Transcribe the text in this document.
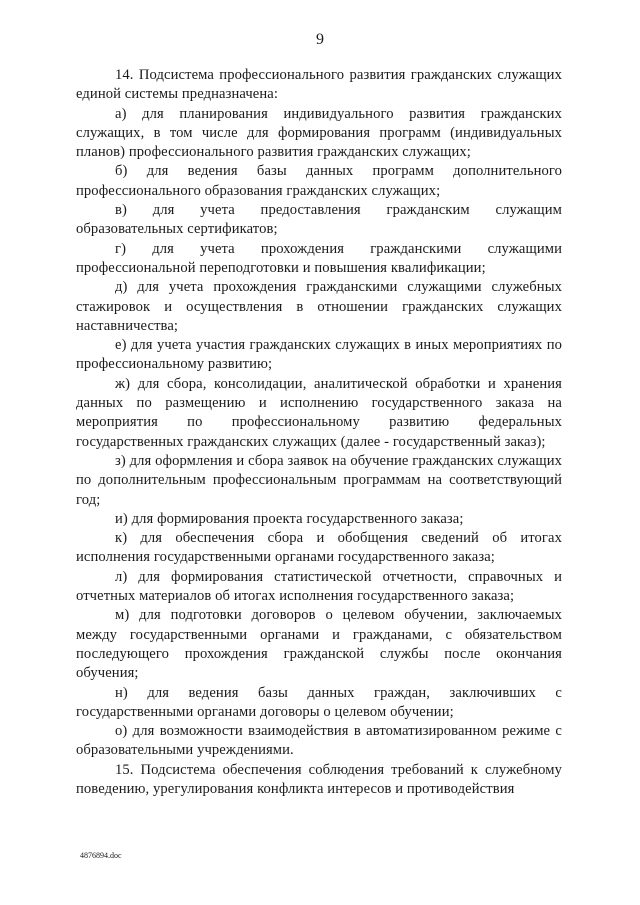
9

14. Подсистема профессионального развития гражданских служащих единой системы предназначена:

а) для планирования индивидуального развития гражданских служащих, в том числе для формирования программ (индивидуальных планов) профессионального развития гражданских служащих;

б) для ведения базы данных программ дополнительного профессионального образования гражданских служащих;

в) для учета предоставления гражданским служащим образовательных сертификатов;

г) для учета прохождения гражданскими служащими профессиональной переподготовки и повышения квалификации;

д) для учета прохождения гражданскими служащими служебных стажировок и осуществления в отношении гражданских служащих наставничества;

е) для учета участия гражданских служащих в иных мероприятиях по профессиональному развитию;

ж) для сбора, консолидации, аналитической обработки и хранения данных по размещению и исполнению государственного заказа на мероприятия по профессиональному развитию федеральных государственных гражданских служащих (далее - государственный заказ);

з) для оформления и сбора заявок на обучение гражданских служащих по дополнительным профессиональным программам на соответствующий год;

и) для формирования проекта государственного заказа;

к) для обеспечения сбора и обобщения сведений об итогах исполнения государственными органами государственного заказа;

л) для формирования статистической отчетности, справочных и отчетных материалов об итогах исполнения государственного заказа;

м) для подготовки договоров о целевом обучении, заключаемых между государственными органами и гражданами, с обязательством последующего прохождения гражданской службы после окончания обучения;

н) для ведения базы данных граждан, заключивших с государственными органами договоры о целевом обучении;

о) для возможности взаимодействия в автоматизированном режиме с образовательными учреждениями.

15. Подсистема обеспечения соблюдения требований к служебному поведению, урегулирования конфликта интересов и противодействия

4876894.doc
